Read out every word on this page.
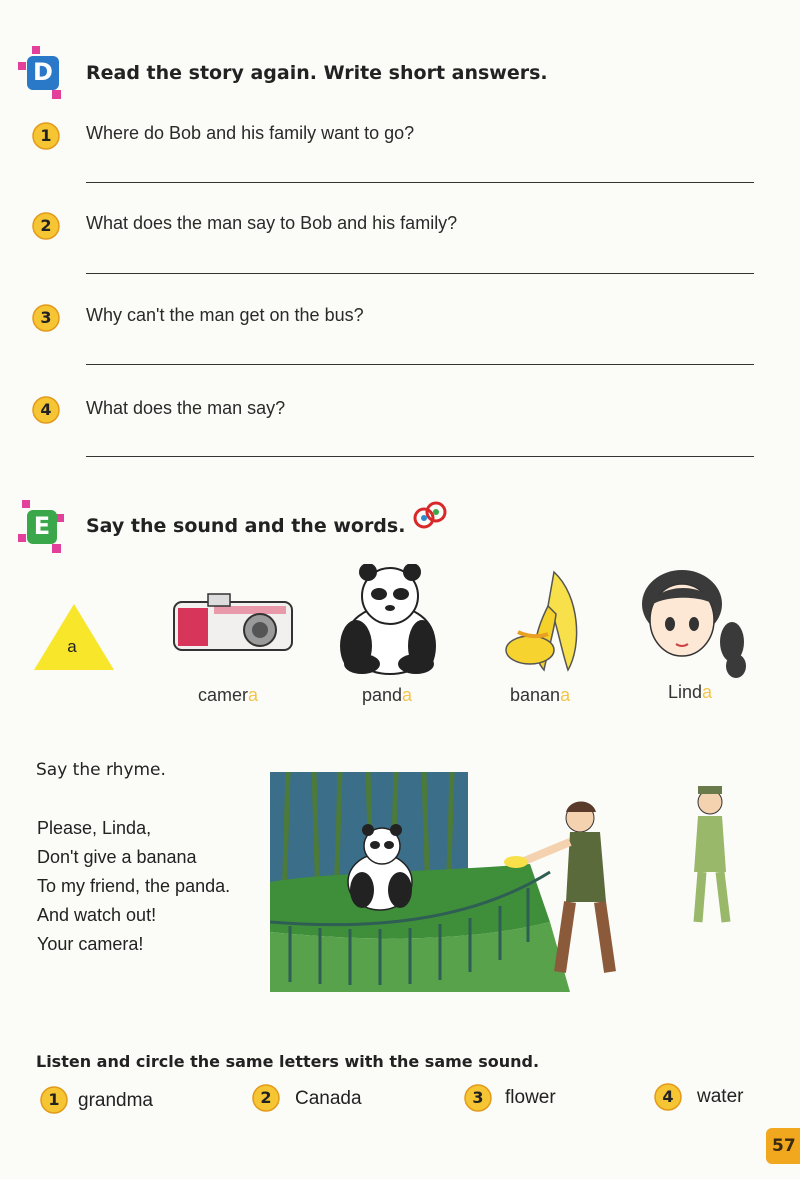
D	Read the story again. Write short answers.
1	Where do Bob and his family want to go?
2	What does the man say to Bob and his family?
3	Why can't the man get on the bus?
4	What does the man say?
E	Say the sound and the words.
a
camera	panda	banana	Linda
Say the rhyme.
Please, Linda,
Don't give a banana
To my friend, the panda.
And watch out!
Your camera!
Listen and circle the same letters with the same sound.
1 grandma	2	Canada	3	flower	4	water
57
